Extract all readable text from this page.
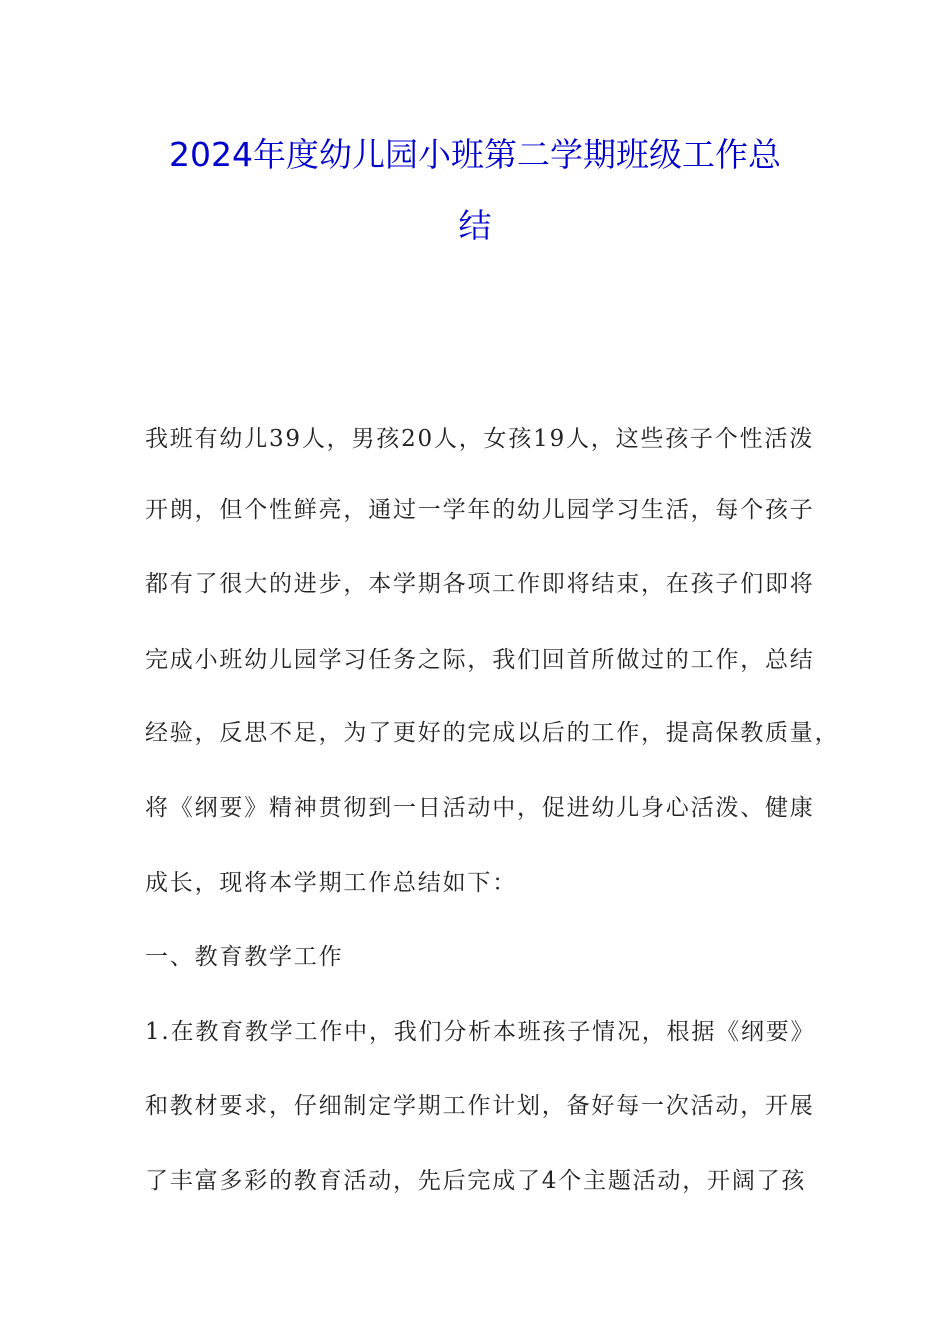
2024年度幼儿园小班第二学期班级工作总
结
我班有幼儿39人，男孩20人，女孩19人，这些孩子个性活泼
开朗，但个性鲜亮，通过一学年的幼儿园学习生活，每个孩子
都有了很大的进步，本学期各项工作即将结束，在孩子们即将
完成小班幼儿园学习任务之际，我们回首所做过的工作，总结
经验，反思不足，为了更好的完成以后的工作，提高保教质量，
将《纲要》精神贯彻到一日活动中，促进幼儿身心活泼、健康
成长，现将本学期工作总结如下：
一、教育教学工作
1.在教育教学工作中，我们分析本班孩子情况，根据《纲要》
和教材要求，仔细制定学期工作计划，备好每一次活动，开展
了丰富多彩的教育活动，先后完成了4个主题活动，开阔了孩
